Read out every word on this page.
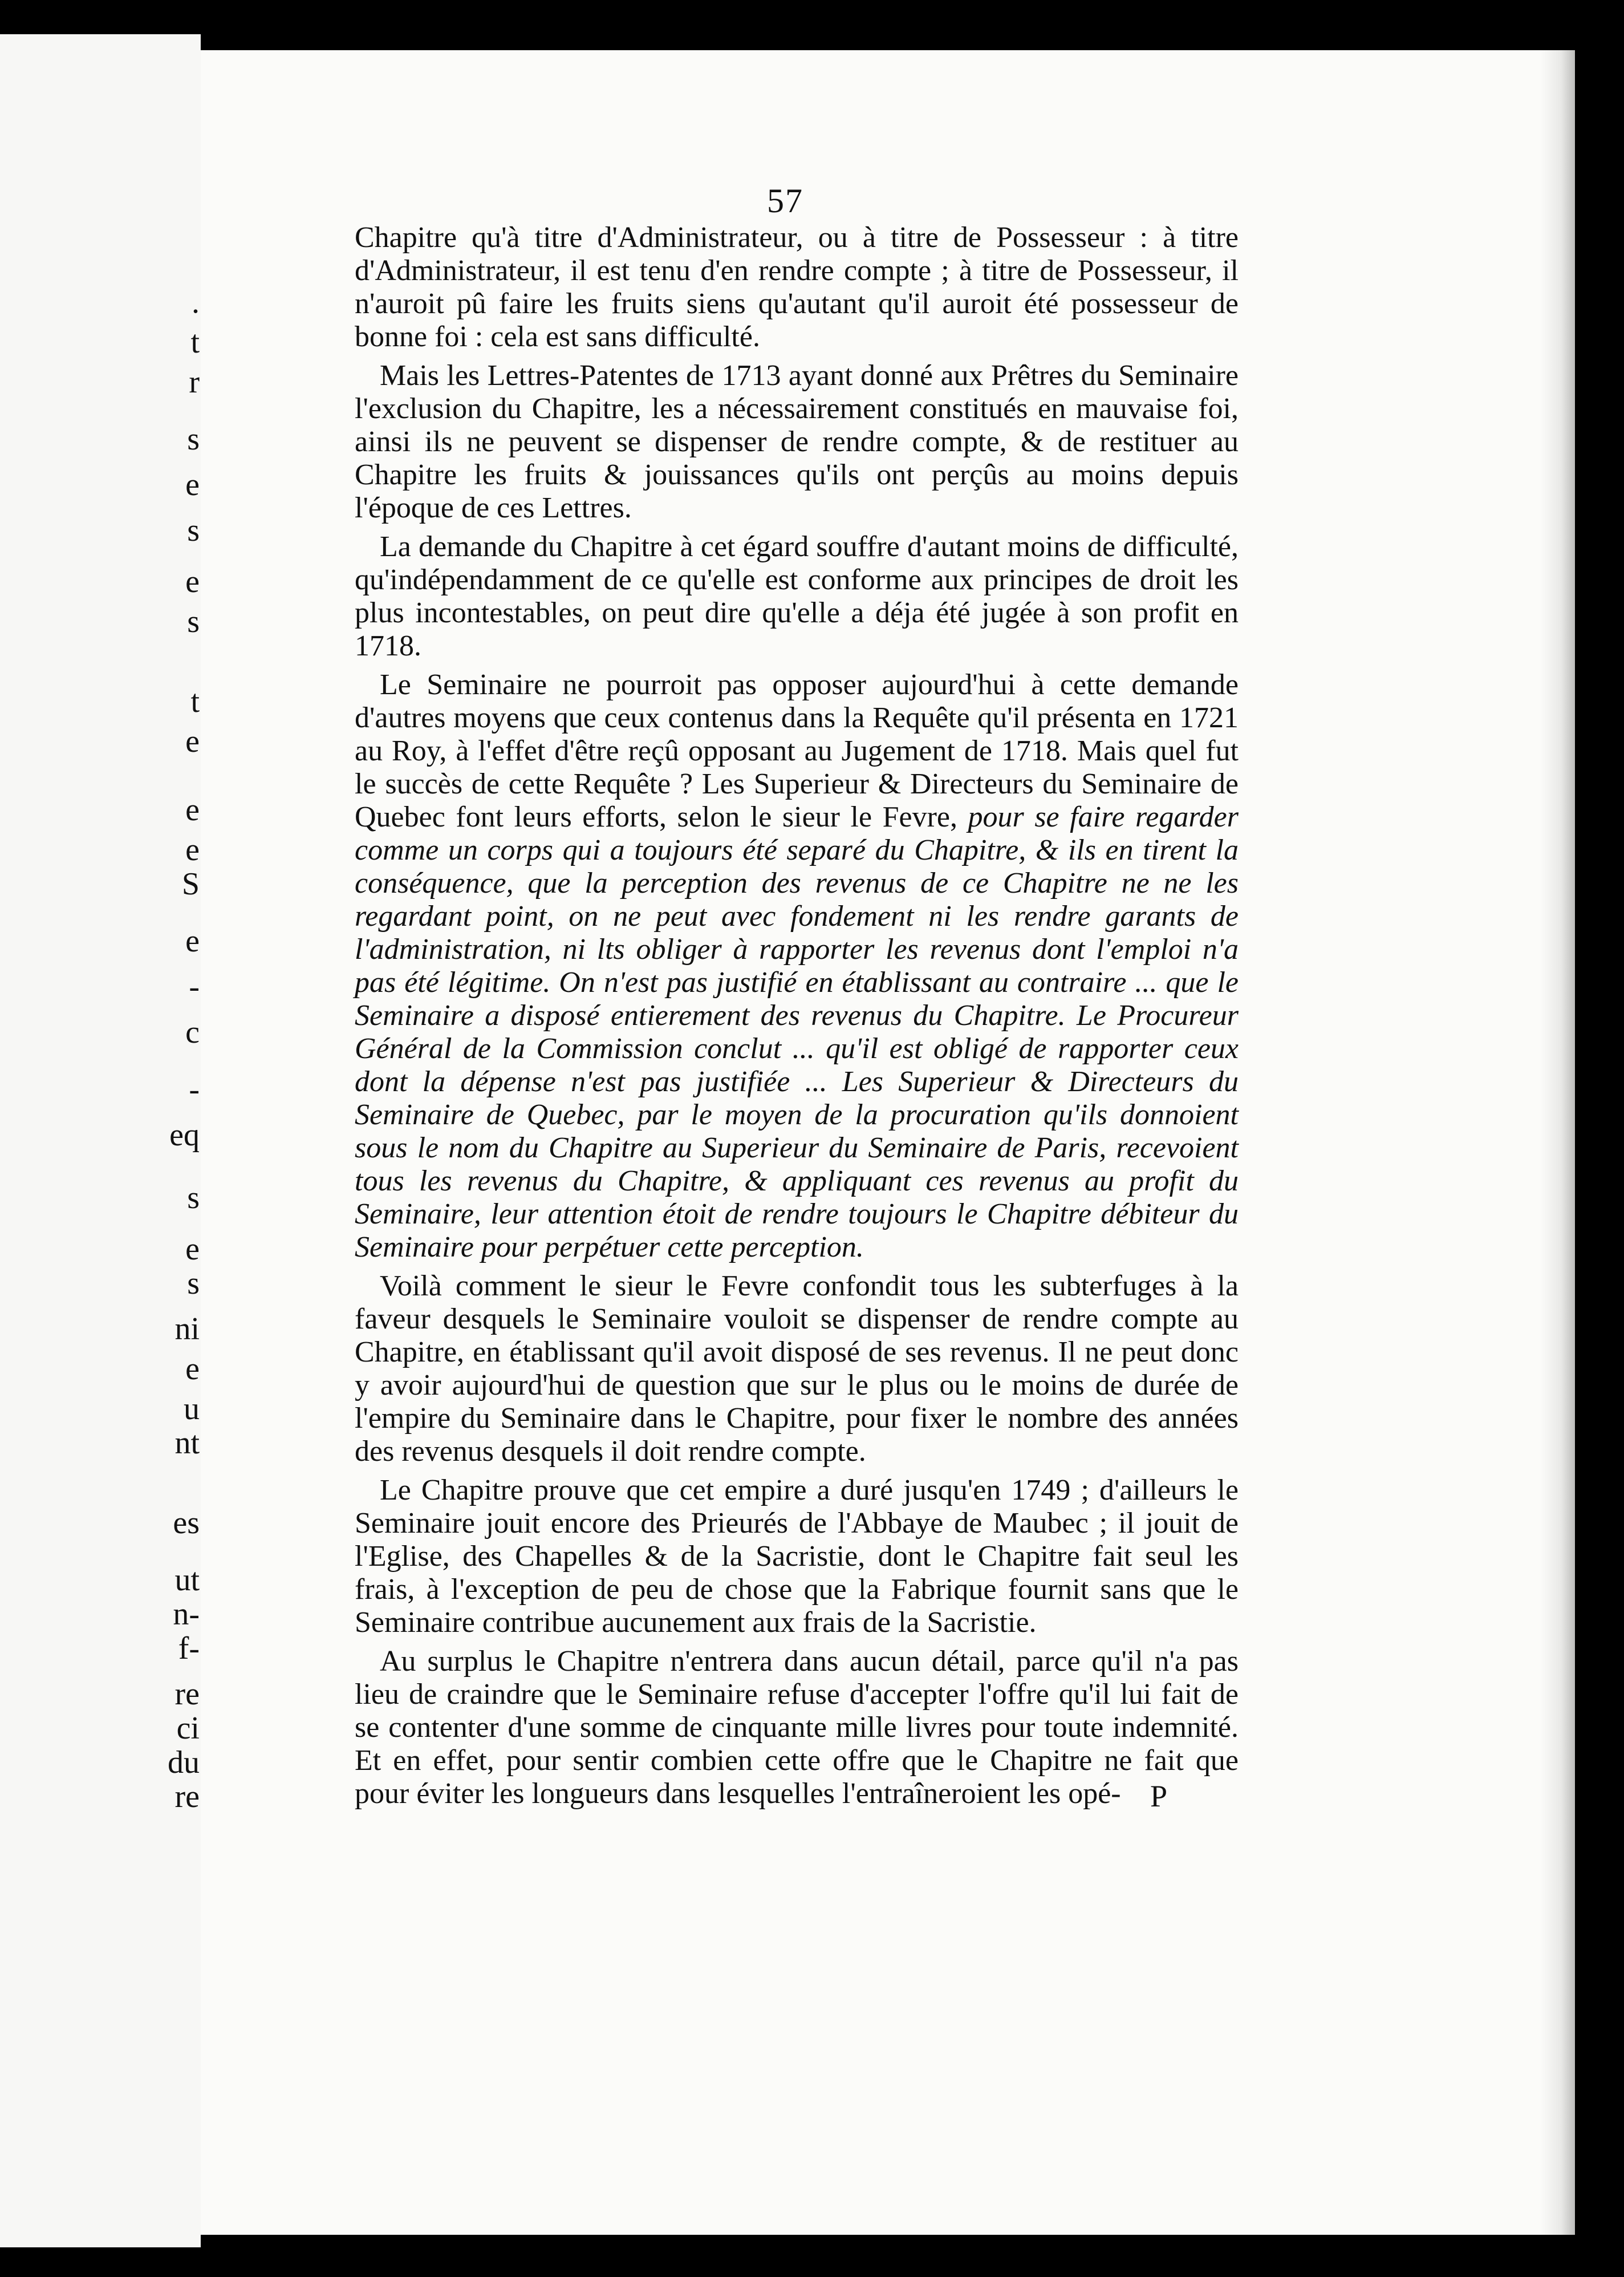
.
t
r
s
e
s
e
s
t
e
e
e
S
e
-
c
-
eq
s
e
s
ni
e
u
nt
es
ut
n-
f-
re
ci
du
re
57

Chapitre qu'à titre d'Administrateur, ou à titre de Possesseur : à titre d'Administrateur, il est tenu d'en rendre compte ; à titre de Possesseur, il n'auroit pû faire les fruits siens qu'autant qu'il auroit été possesseur de bonne foi : cela est sans difficulté.

Mais les Lettres-Patentes de 1713 ayant donné aux Prêtres du Seminaire l'exclusion du Chapitre, les a nécessairement constitués en mauvaise foi, ainsi ils ne peuvent se dispenser de rendre compte, & de restituer au Chapitre les fruits & jouissances qu'ils ont perçûs au moins depuis l'époque de ces Lettres.

La demande du Chapitre à cet égard souffre d'autant moins de difficulté, qu'indépendamment de ce qu'elle est conforme aux principes de droit les plus incontestables, on peut dire qu'elle a déja été jugée à son profit en 1718.

Le Seminaire ne pourroit pas opposer aujourd'hui à cette demande d'autres moyens que ceux contenus dans la Requête qu'il présenta en 1721 au Roy, à l'effet d'être reçû opposant au Jugement de 1718. Mais quel fut le succès de cette Requête ? Les Superieur & Directeurs du Seminaire de Quebec font leurs efforts, selon le sieur le Fevre, pour se faire regarder comme un corps qui a toujours été separé du Chapitre, & ils en tirent la conséquence, que la perception des revenus de ce Chapitre ne ne les regardant point, on ne peut avec fondement ni les rendre garants de l'administration, ni lts obliger à rapporter les revenus dont l'emploi n'a pas été légitime. On n'est pas justifié en établissant au contraire ... que le Seminaire a disposé entierement des revenus du Chapitre. Le Procureur Général de la Commission conclut ... qu'il est obligé de rapporter ceux dont la dépense n'est pas justifiée ... Les Superieur & Directeurs du Seminaire de Quebec, par le moyen de la procuration qu'ils donnoient sous le nom du Chapitre au Superieur du Seminaire de Paris, recevoient tous les revenus du Chapitre, & appliquant ces revenus au profit du Seminaire, leur attention étoit de rendre toujours le Chapitre débiteur du Seminaire pour perpétuer cette perception.

Voilà comment le sieur le Fevre confondit tous les subterfuges à la faveur desquels le Seminaire vouloit se dispenser de rendre compte au Chapitre, en établissant qu'il avoit disposé de ses revenus. Il ne peut donc y avoir aujourd'hui de question que sur le plus ou le moins de durée de l'empire du Seminaire dans le Chapitre, pour fixer le nombre des années des revenus desquels il doit rendre compte.

Le Chapitre prouve que cet empire a duré jusqu'en 1749 ; d'ailleurs le Seminaire jouit encore des Prieurés de l'Abbaye de Maubec ; il jouit de l'Eglise, des Chapelles & de la Sacristie, dont le Chapitre fait seul les frais, à l'exception de peu de chose que la Fabrique fournit sans que le Seminaire contribue aucunement aux frais de la Sacristie.

Au surplus le Chapitre n'entrera dans aucun détail, parce qu'il n'a pas lieu de craindre que le Seminaire refuse d'accepter l'offre qu'il lui fait de se contenter d'une somme de cinquante mille livres pour toute indemnité. Et en effet, pour sentir combien cette offre que le Chapitre ne fait que pour éviter les longueurs dans lesquelles l'entraîneroient les opé- P
